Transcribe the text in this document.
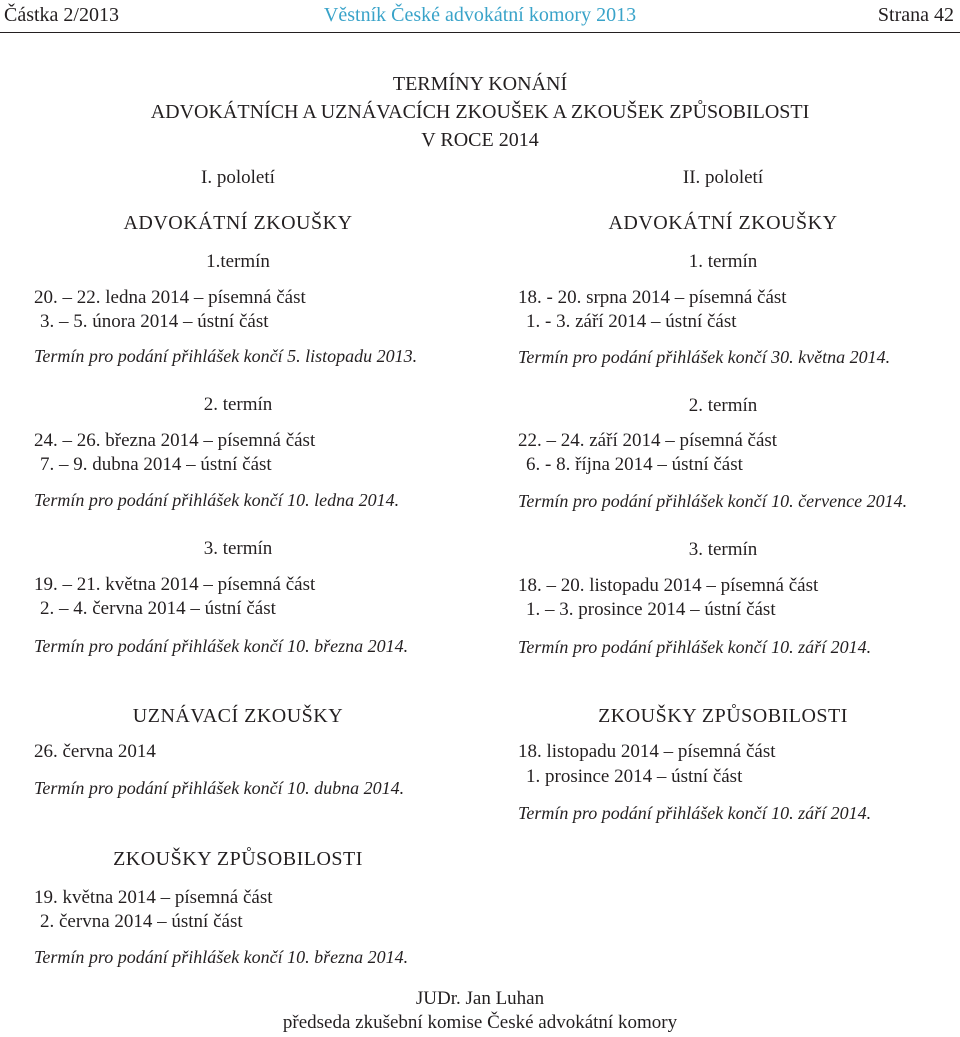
Částka 2/2013	Věstník České advokátní komory 2013	Strana 42
TERMÍNY KONÁNÍ
ADVOKÁTNÍCH A UZNÁVACÍCH ZKOUŠEK A ZKOUŠEK ZPŮSOBILOSTI
V ROCE 2014
I. pololetí
ADVOKÁTNÍ ZKOUŠKY
1.termín
20. – 22. ledna 2014 – písemná část
3. – 5. února 2014 – ústní část
Termín pro podání přihlášek končí 5. listopadu 2013.
2. termín
24. – 26. března 2014 – písemná část
7. – 9. dubna 2014 – ústní část
Termín pro podání přihlášek končí 10. ledna 2014.
3. termín
19. – 21. května 2014 – písemná část
2. – 4. června 2014 – ústní část
Termín pro podání přihlášek končí 10. března 2014.
UZNÁVACÍ ZKOUŠKY
26. června 2014
Termín pro podání přihlášek končí 10. dubna 2014.
ZKOUŠKY ZPŮSOBILOSTI
19. května 2014 – písemná část
2. června 2014 – ústní část
Termín pro podání přihlášek končí 10. března 2014.
II. pololetí
ADVOKÁTNÍ ZKOUŠKY
1. termín
18. - 20. srpna 2014 – písemná část
1. - 3. září 2014 – ústní část
Termín pro podání přihlášek končí 30. května 2014.
2. termín
22. – 24. září 2014 – písemná část
6. - 8. října 2014 – ústní část
Termín pro podání přihlášek končí 10. července 2014.
3. termín
18. – 20. listopadu 2014 – písemná část
1. – 3. prosince 2014 – ústní část
Termín pro podání přihlášek končí 10. září 2014.
ZKOUŠKY ZPŮSOBILOSTI
18. listopadu 2014 – písemná část
1. prosince 2014 – ústní část
Termín pro podání přihlášek končí 10. září 2014.
JUDr. Jan Luhan
předseda zkušební komise České advokátní komory
